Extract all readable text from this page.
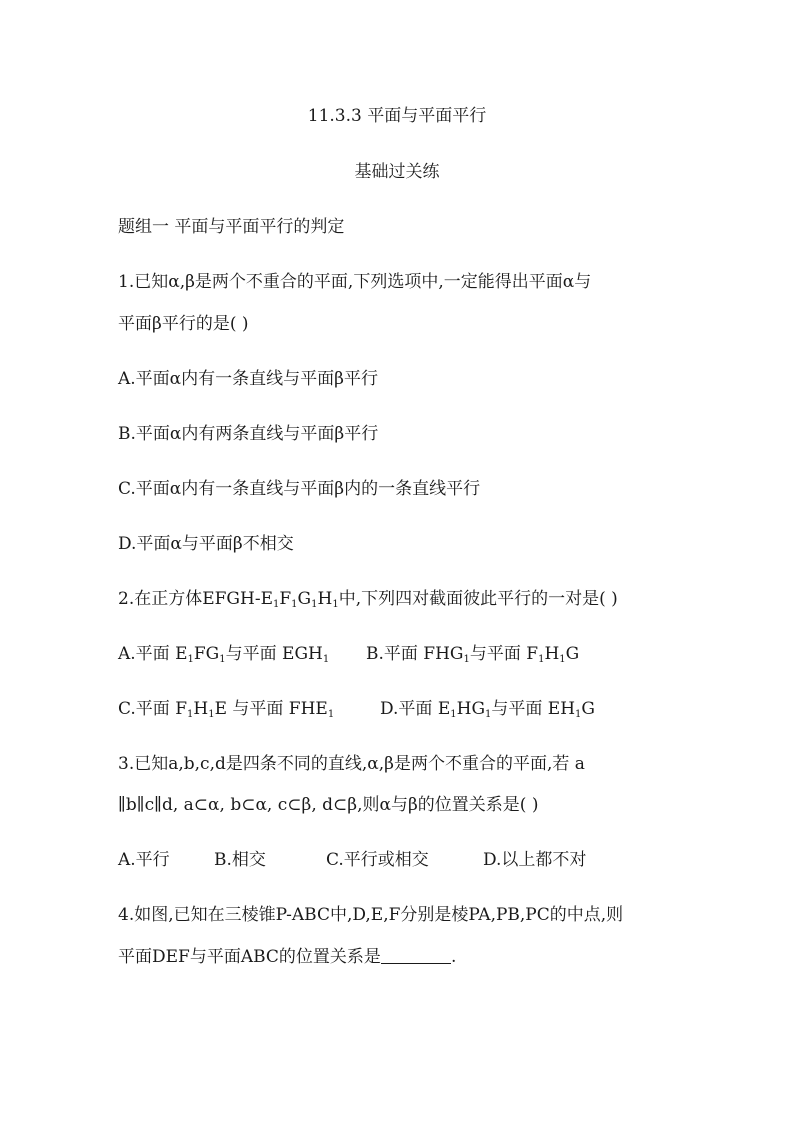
11.3.3 平面与平面平行
基础过关练
题组一 平面与平面平行的判定
1.已知α,β是两个不重合的平面,下列选项中,一定能得出平面α与
平面β平行的是( )
A.平面α内有一条直线与平面β平行
B.平面α内有两条直线与平面β平行
C.平面α内有一条直线与平面β内的一条直线平行
D.平面α与平面β不相交
2.在正方体EFGH-$E_1F_1G_1H_1$中,下列四对截面彼此平行的一对是( )
A.平面 $E_1FG_1$与平面 $EGH_1$ B.平面 $FHG_1$与平面 $F_1H_1G$
C.平面 $F_1H_1E$ 与平面 $FHE_1$	D.平面 $E_1HG_1$与平面 $EH_1G$
3.已知a,b,c,d是四条不同的直线,α,β是两个不重合的平面,若 a
∥b∥c∥d, a⊂α, b⊂α, c⊂β, d⊂β,则α与β的位置关系是( )
A.平行	B.相交	C.平行或相交	D.以上都不对
4.如图,已知在三棱锥P-ABC中,D,E,F分别是棱PA,PB,PC的中点,则
平面DEF与平面ABC的位置关系是	.
